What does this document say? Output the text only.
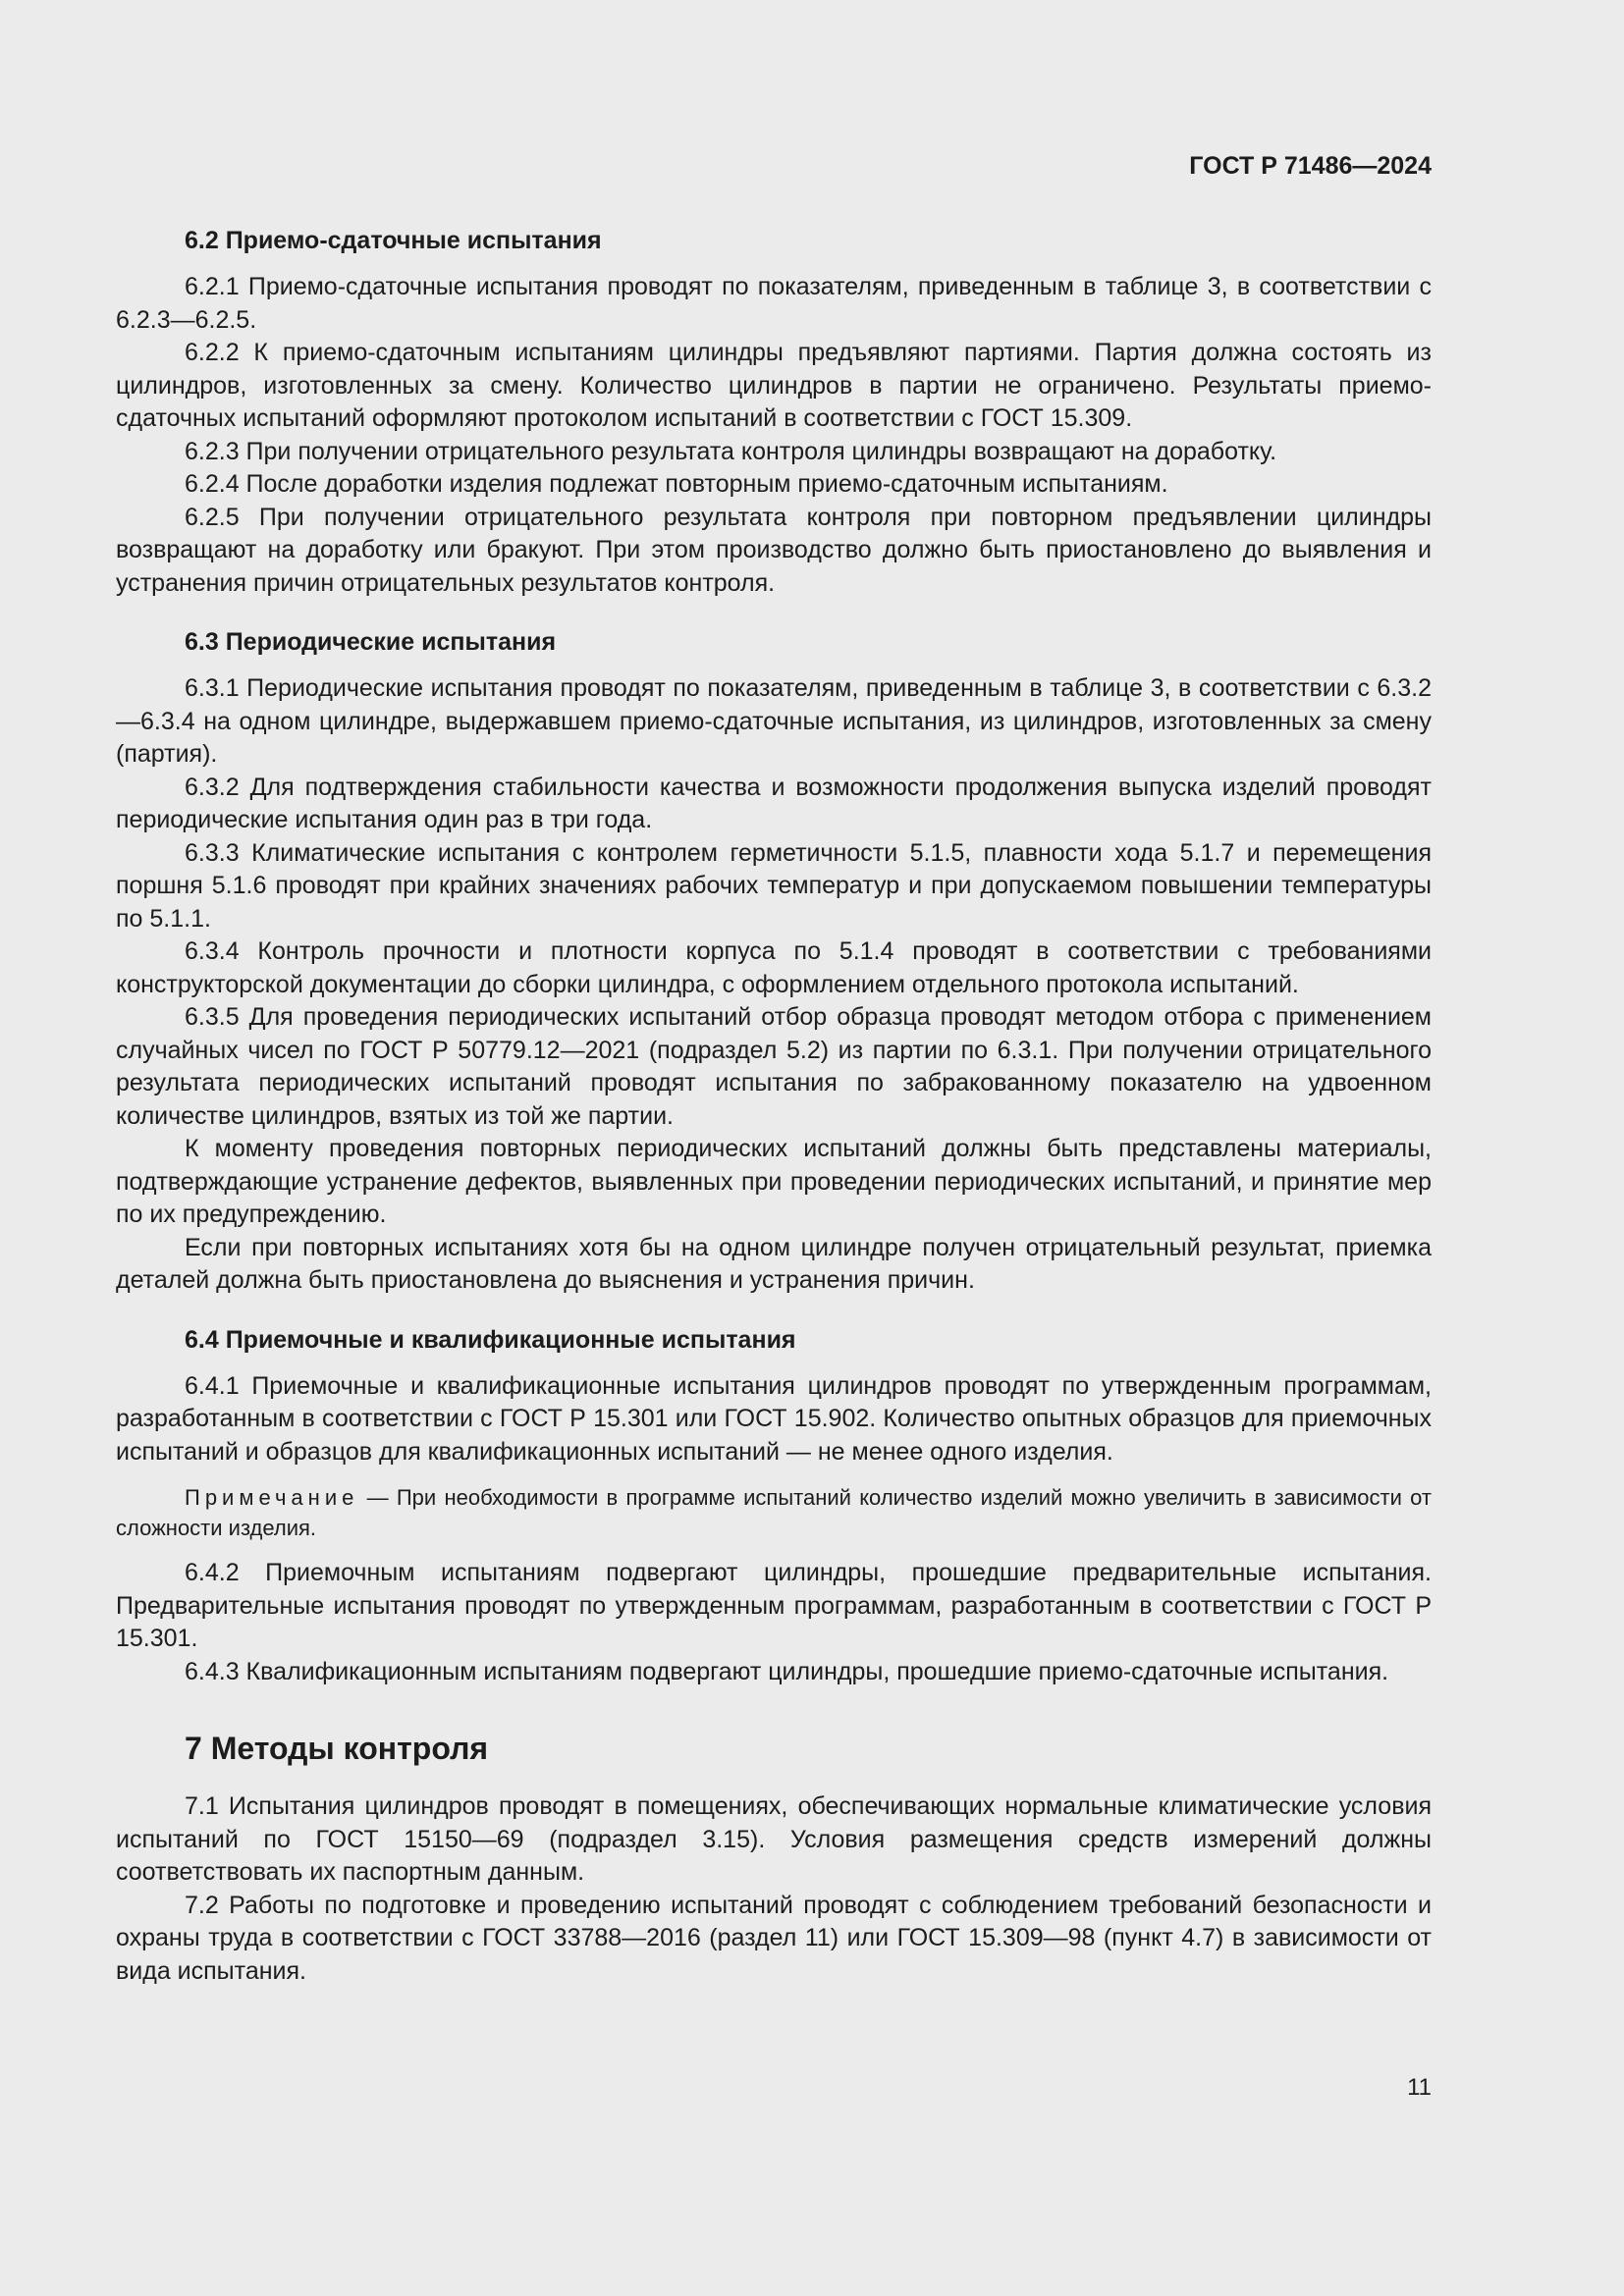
ГОСТ Р 71486—2024
6.2 Приемо-сдаточные испытания

6.2.1 Приемо-сдаточные испытания проводят по показателям, приведенным в таблице 3, в соответствии с 6.2.3—6.2.5.

6.2.2 К приемо-сдаточным испытаниям цилиндры предъявляют партиями. Партия должна состоять из цилиндров, изготовленных за смену. Количество цилиндров в партии не ограничено. Результаты приемо-сдаточных испытаний оформляют протоколом испытаний в соответствии с ГОСТ 15.309.

6.2.3 При получении отрицательного результата контроля цилиндры возвращают на доработку.

6.2.4 После доработки изделия подлежат повторным приемо-сдаточным испытаниям.

6.2.5 При получении отрицательного результата контроля при повторном предъявлении цилиндры возвращают на доработку или бракуют. При этом производство должно быть приостановлено до выявления и устранения причин отрицательных результатов контроля.

6.3 Периодические испытания

6.3.1 Периодические испытания проводят по показателям, приведенным в таблице 3, в соответствии с 6.3.2—6.3.4 на одном цилиндре, выдержавшем приемо-сдаточные испытания, из цилиндров, изготовленных за смену (партия).

6.3.2 Для подтверждения стабильности качества и возможности продолжения выпуска изделий проводят периодические испытания один раз в три года.

6.3.3 Климатические испытания с контролем герметичности 5.1.5, плавности хода 5.1.7 и перемещения поршня 5.1.6 проводят при крайних значениях рабочих температур и при допускаемом повышении температуры по 5.1.1.

6.3.4 Контроль прочности и плотности корпуса по 5.1.4 проводят в соответствии с требованиями конструкторской документации до сборки цилиндра, с оформлением отдельного протокола испытаний.

6.3.5 Для проведения периодических испытаний отбор образца проводят методом отбора с применением случайных чисел по ГОСТ Р 50779.12—2021 (подраздел 5.2) из партии по 6.3.1. При получении отрицательного результата периодических испытаний проводят испытания по забракованному показателю на удвоенном количестве цилиндров, взятых из той же партии.

К моменту проведения повторных периодических испытаний должны быть представлены материалы, подтверждающие устранение дефектов, выявленных при проведении периодических испытаний, и принятие мер по их предупреждению.

Если при повторных испытаниях хотя бы на одном цилиндре получен отрицательный результат, приемка деталей должна быть приостановлена до выяснения и устранения причин.

6.4 Приемочные и квалификационные испытания

6.4.1 Приемочные и квалификационные испытания цилиндров проводят по утвержденным программам, разработанным в соответствии с ГОСТ Р 15.301 или ГОСТ 15.902. Количество опытных образцов для приемочных испытаний и образцов для квалификационных испытаний — не менее одного изделия.

Примечание — При необходимости в программе испытаний количество изделий можно увеличить в зависимости от сложности изделия.

6.4.2 Приемочным испытаниям подвергают цилиндры, прошедшие предварительные испытания. Предварительные испытания проводят по утвержденным программам, разработанным в соответствии с ГОСТ Р 15.301.

6.4.3 Квалификационным испытаниям подвергают цилиндры, прошедшие приемо-сдаточные испытания.

7 Методы контроля

7.1 Испытания цилиндров проводят в помещениях, обеспечивающих нормальные климатические условия испытаний по ГОСТ 15150—69 (подраздел 3.15). Условия размещения средств измерений должны соответствовать их паспортным данным.

7.2 Работы по подготовке и проведению испытаний проводят с соблюдением требований безопасности и охраны труда в соответствии с ГОСТ 33788—2016 (раздел 11) или ГОСТ 15.309—98 (пункт 4.7) в зависимости от вида испытания.

11
